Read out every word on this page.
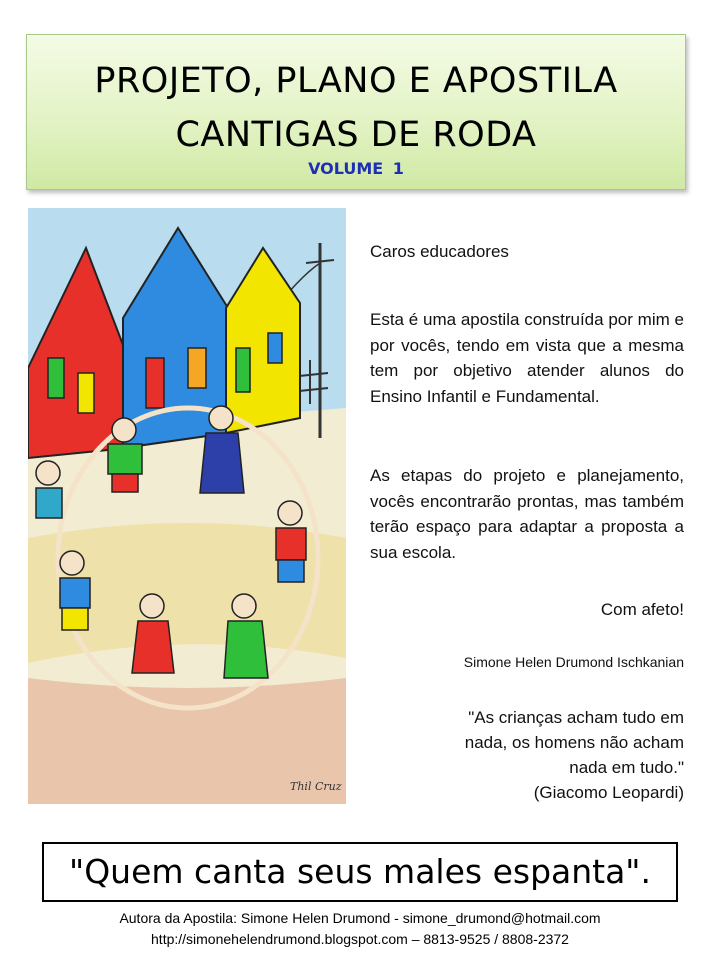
PROJETO, PLANO E APOSTILA
CANTIGAS DE RODA
VOLUME 1
Thil Cruz
Caros educadores

Esta é uma apostila construída por mim e por vocês, tendo em vista que a mesma tem por objetivo atender alunos do Ensino Infantil e Fundamental.

As etapas do projeto e planejamento, vocês encontrarão prontas, mas também terão espaço para adaptar a proposta a sua escola.

Com afeto!
Simone Helen Drumond Ischkanian
"As crianças acham tudo em
nada, os homens não acham
nada em tudo."
(Giacomo Leopardi)
"Quem canta seus males espanta".
Autora da Apostila: Simone Helen Drumond - simone_drumond@hotmail.com
http://simonehelendrumond.blogspot.com – 8813-9525 / 8808-2372
